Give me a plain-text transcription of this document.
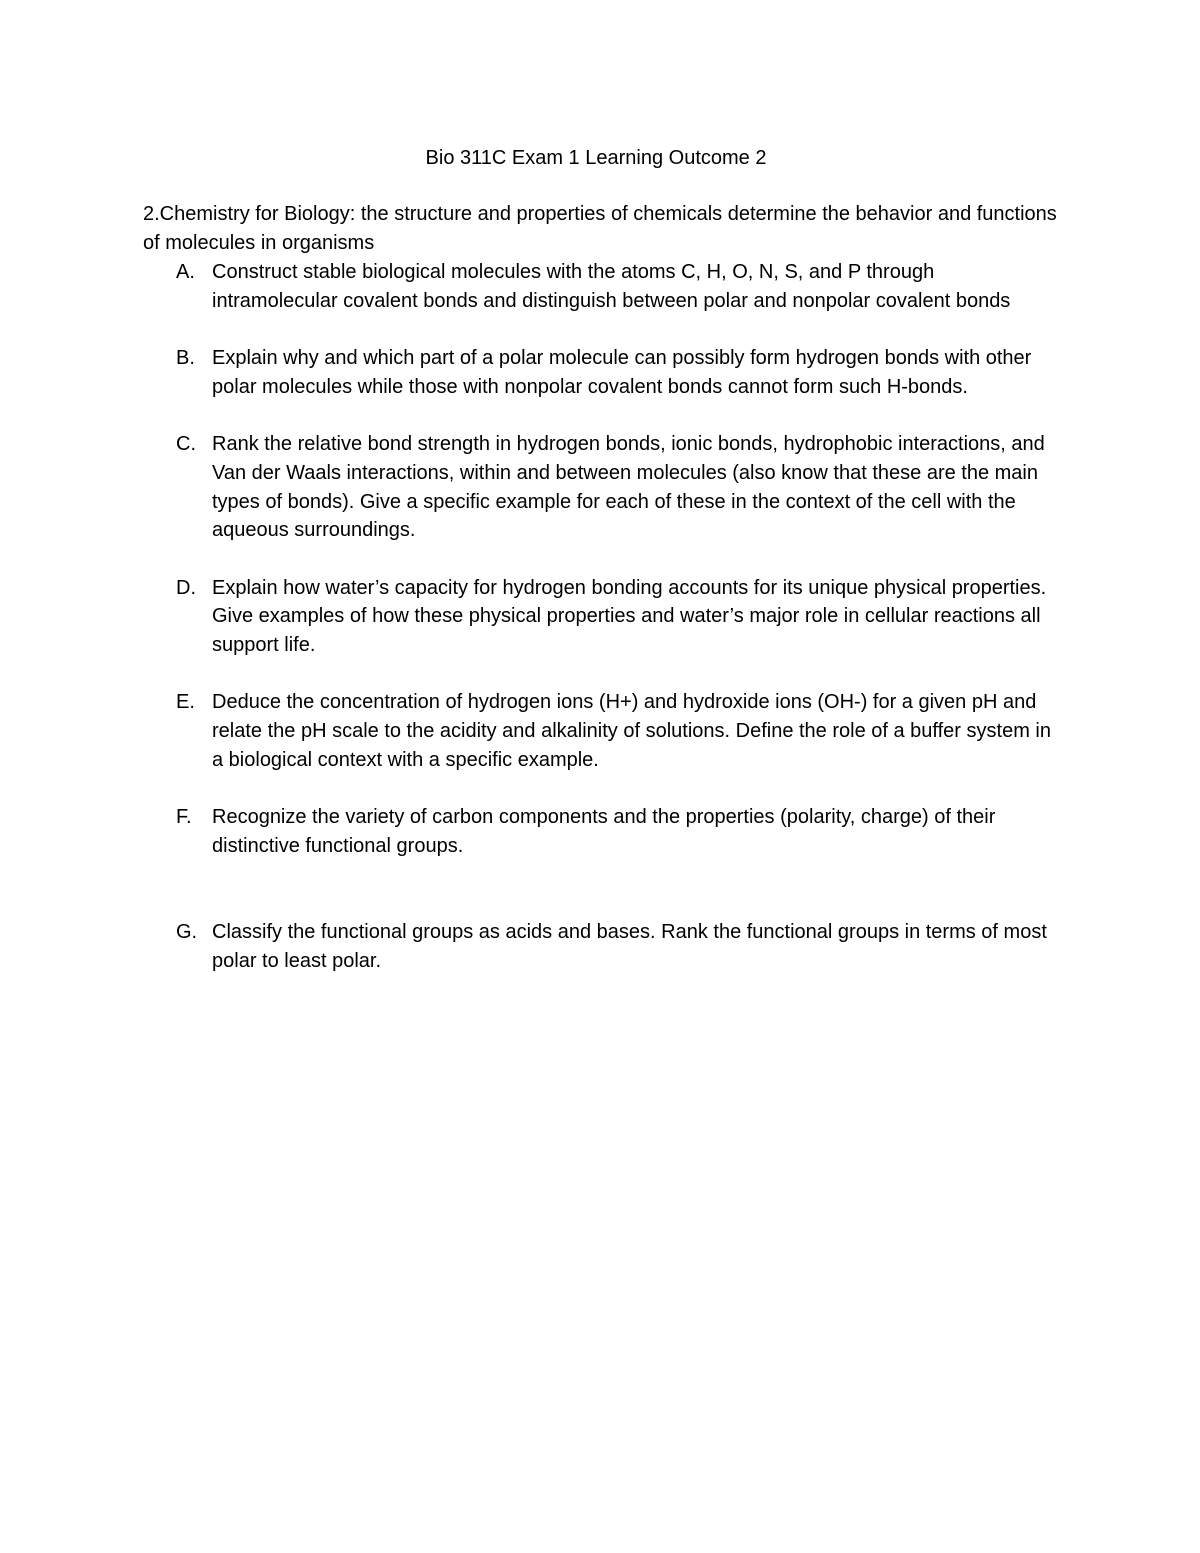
Bio 311C Exam 1 Learning Outcome 2
2.Chemistry for Biology: the structure and properties of chemicals determine the behavior and functions of molecules in organisms
A. Construct stable biological molecules with the atoms C, H, O, N, S, and P through intramolecular covalent bonds and distinguish between polar and nonpolar covalent bonds
B. Explain why and which part of a polar molecule can possibly form hydrogen bonds with other polar molecules while those with nonpolar covalent bonds cannot form such H-bonds.
C. Rank the relative bond strength in hydrogen bonds, ionic bonds, hydrophobic interactions, and Van der Waals interactions, within and between molecules (also know that these are the main types of bonds). Give a specific example for each of these in the context of the cell with the aqueous surroundings.
D. Explain how water’s capacity for hydrogen bonding accounts for its unique physical properties. Give examples of how these physical properties and water’s major role in cellular reactions all support life.
E. Deduce the concentration of hydrogen ions (H+) and hydroxide ions (OH-) for a given pH and relate the pH scale to the acidity and alkalinity of solutions. Define the role of a buffer system in a biological context with a specific example.
F. Recognize the variety of carbon components and the properties (polarity, charge) of their distinctive functional groups.
G. Classify the functional groups as acids and bases. Rank the functional groups in terms of most polar to least polar.
